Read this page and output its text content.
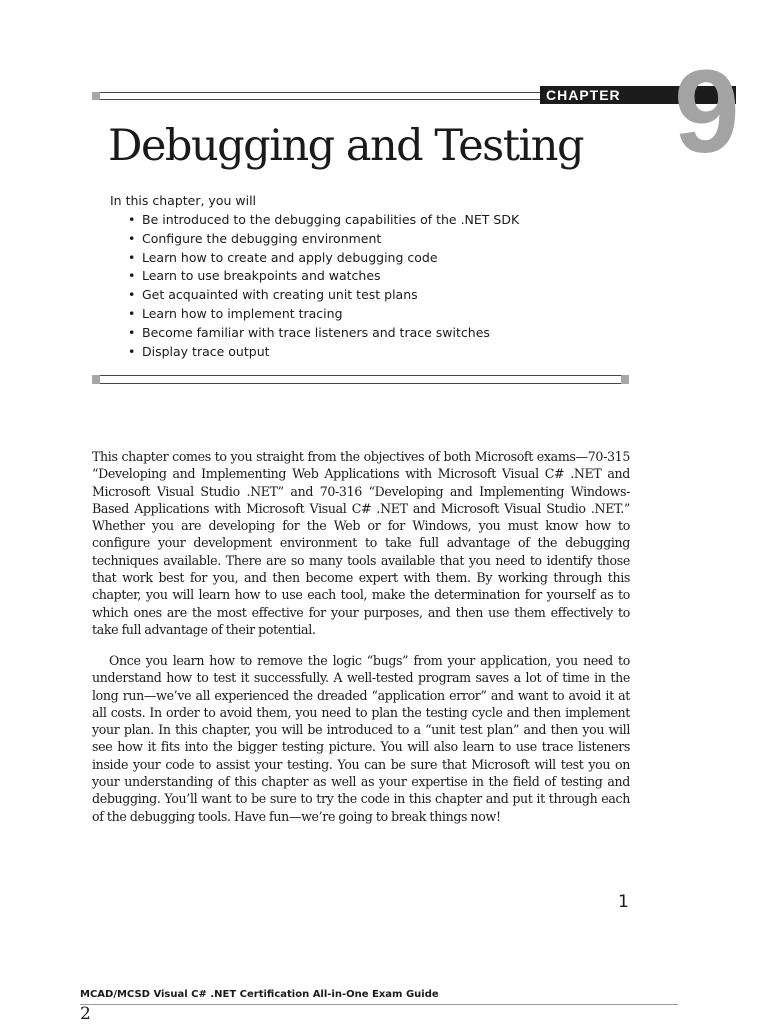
CHAPTER 9
Debugging and Testing
In this chapter, you will
• Be introduced to the debugging capabilities of the .NET SDK
• Configure the debugging environment
• Learn how to create and apply debugging code
• Learn to use breakpoints and watches
• Get acquainted with creating unit test plans
• Learn how to implement tracing
• Become familiar with trace listeners and trace switches
• Display trace output

This chapter comes to you straight from the objectives of both Microsoft exams—70-315 “Developing and Implementing Web Applications with Microsoft Visual C# .NET and Microsoft Visual Studio .NET” and 70-316 “Developing and Implementing Windows-Based Applications with Microsoft Visual C# .NET and Microsoft Visual Studio .NET.” Whether you are developing for the Web or for Windows, you must know how to configure your development environment to take full advantage of the debugging techniques available. There are so many tools available that you need to identify those that work best for you, and then become expert with them. By working through this chapter, you will learn how to use each tool, make the determination for yourself as to which ones are the most effective for your purposes, and then use them effectively to take full advantage of their potential.

Once you learn how to remove the logic “bugs” from your application, you need to understand how to test it successfully. A well-tested program saves a lot of time in the long run—we’ve all experienced the dreaded “application error” and want to avoid it at all costs. In order to avoid them, you need to plan the testing cycle and then implement your plan. In this chapter, you will be introduced to a “unit test plan” and then you will see how it fits into the bigger testing picture. You will also learn to use trace listeners inside your code to assist your testing. You can be sure that Microsoft will test you on your understanding of this chapter as well as your expertise in the field of testing and debugging. You’ll want to be sure to try the code in this chapter and put it through each of the debugging tools. Have fun—we’re going to break things now!

1
MCAD/MCSD Visual C# .NET Certification All-in-One Exam Guide
2
